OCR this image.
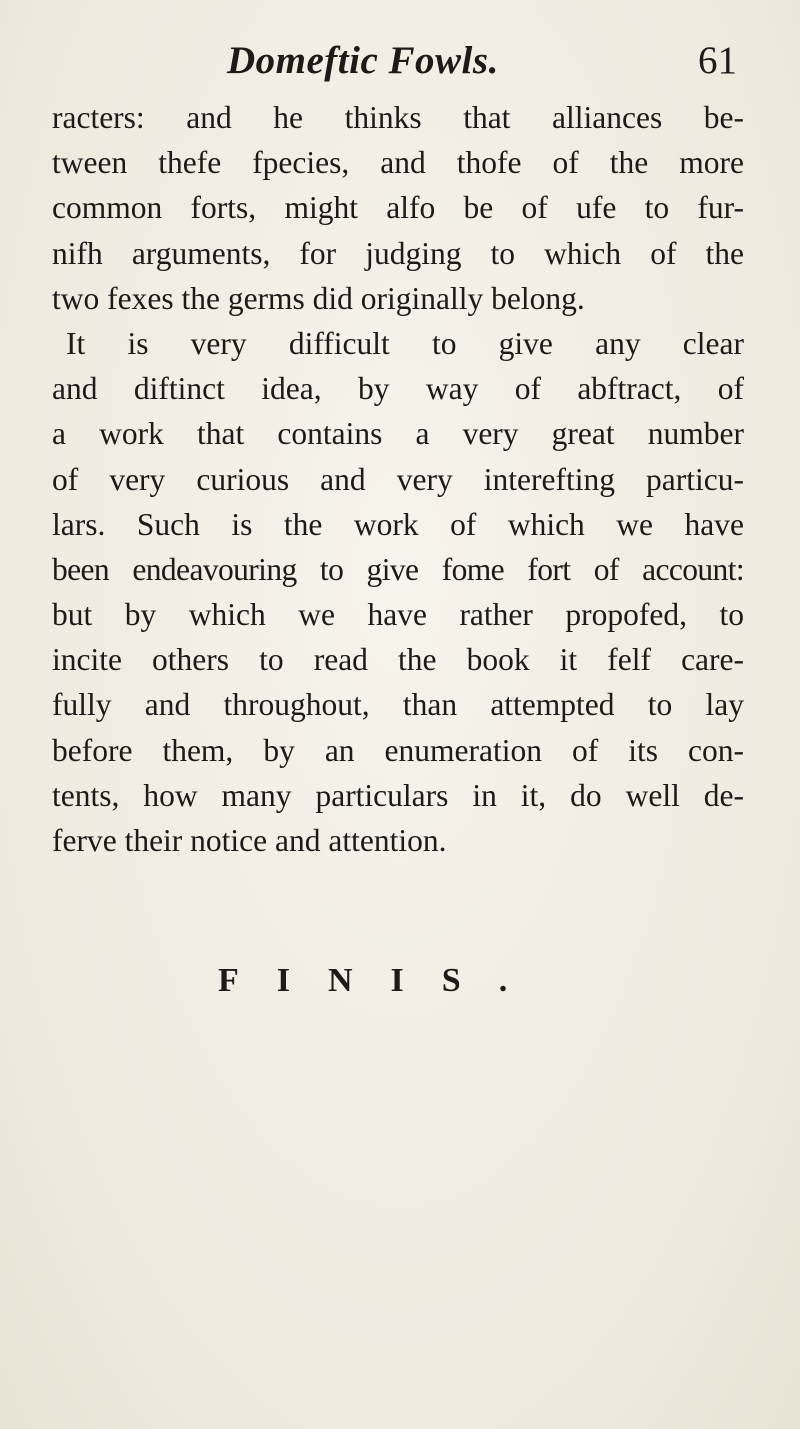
Domeftic Fowls.	61
racters: and he thinks that alliances be-
tween thefe fpecies, and thofe of the more
common forts, might alfo be of ufe to fur-
nifh arguments, for judging to which of the
two fexes the germs did originally belong.
It is very difficult to give any clear
and diftinct idea, by way of abftract, of
a work that contains a very great number
of very curious and very interefting particu-
lars. Such is the work of which we have
been endeavouring to give fome fort of account:
but by which we have rather propofed, to
incite others to read the book it felf care-
fully and throughout, than attempted to lay
before them, by an enumeration of its con-
tents, how many particulars in it, do well de-
ferve their notice and attention.
FINIS.
